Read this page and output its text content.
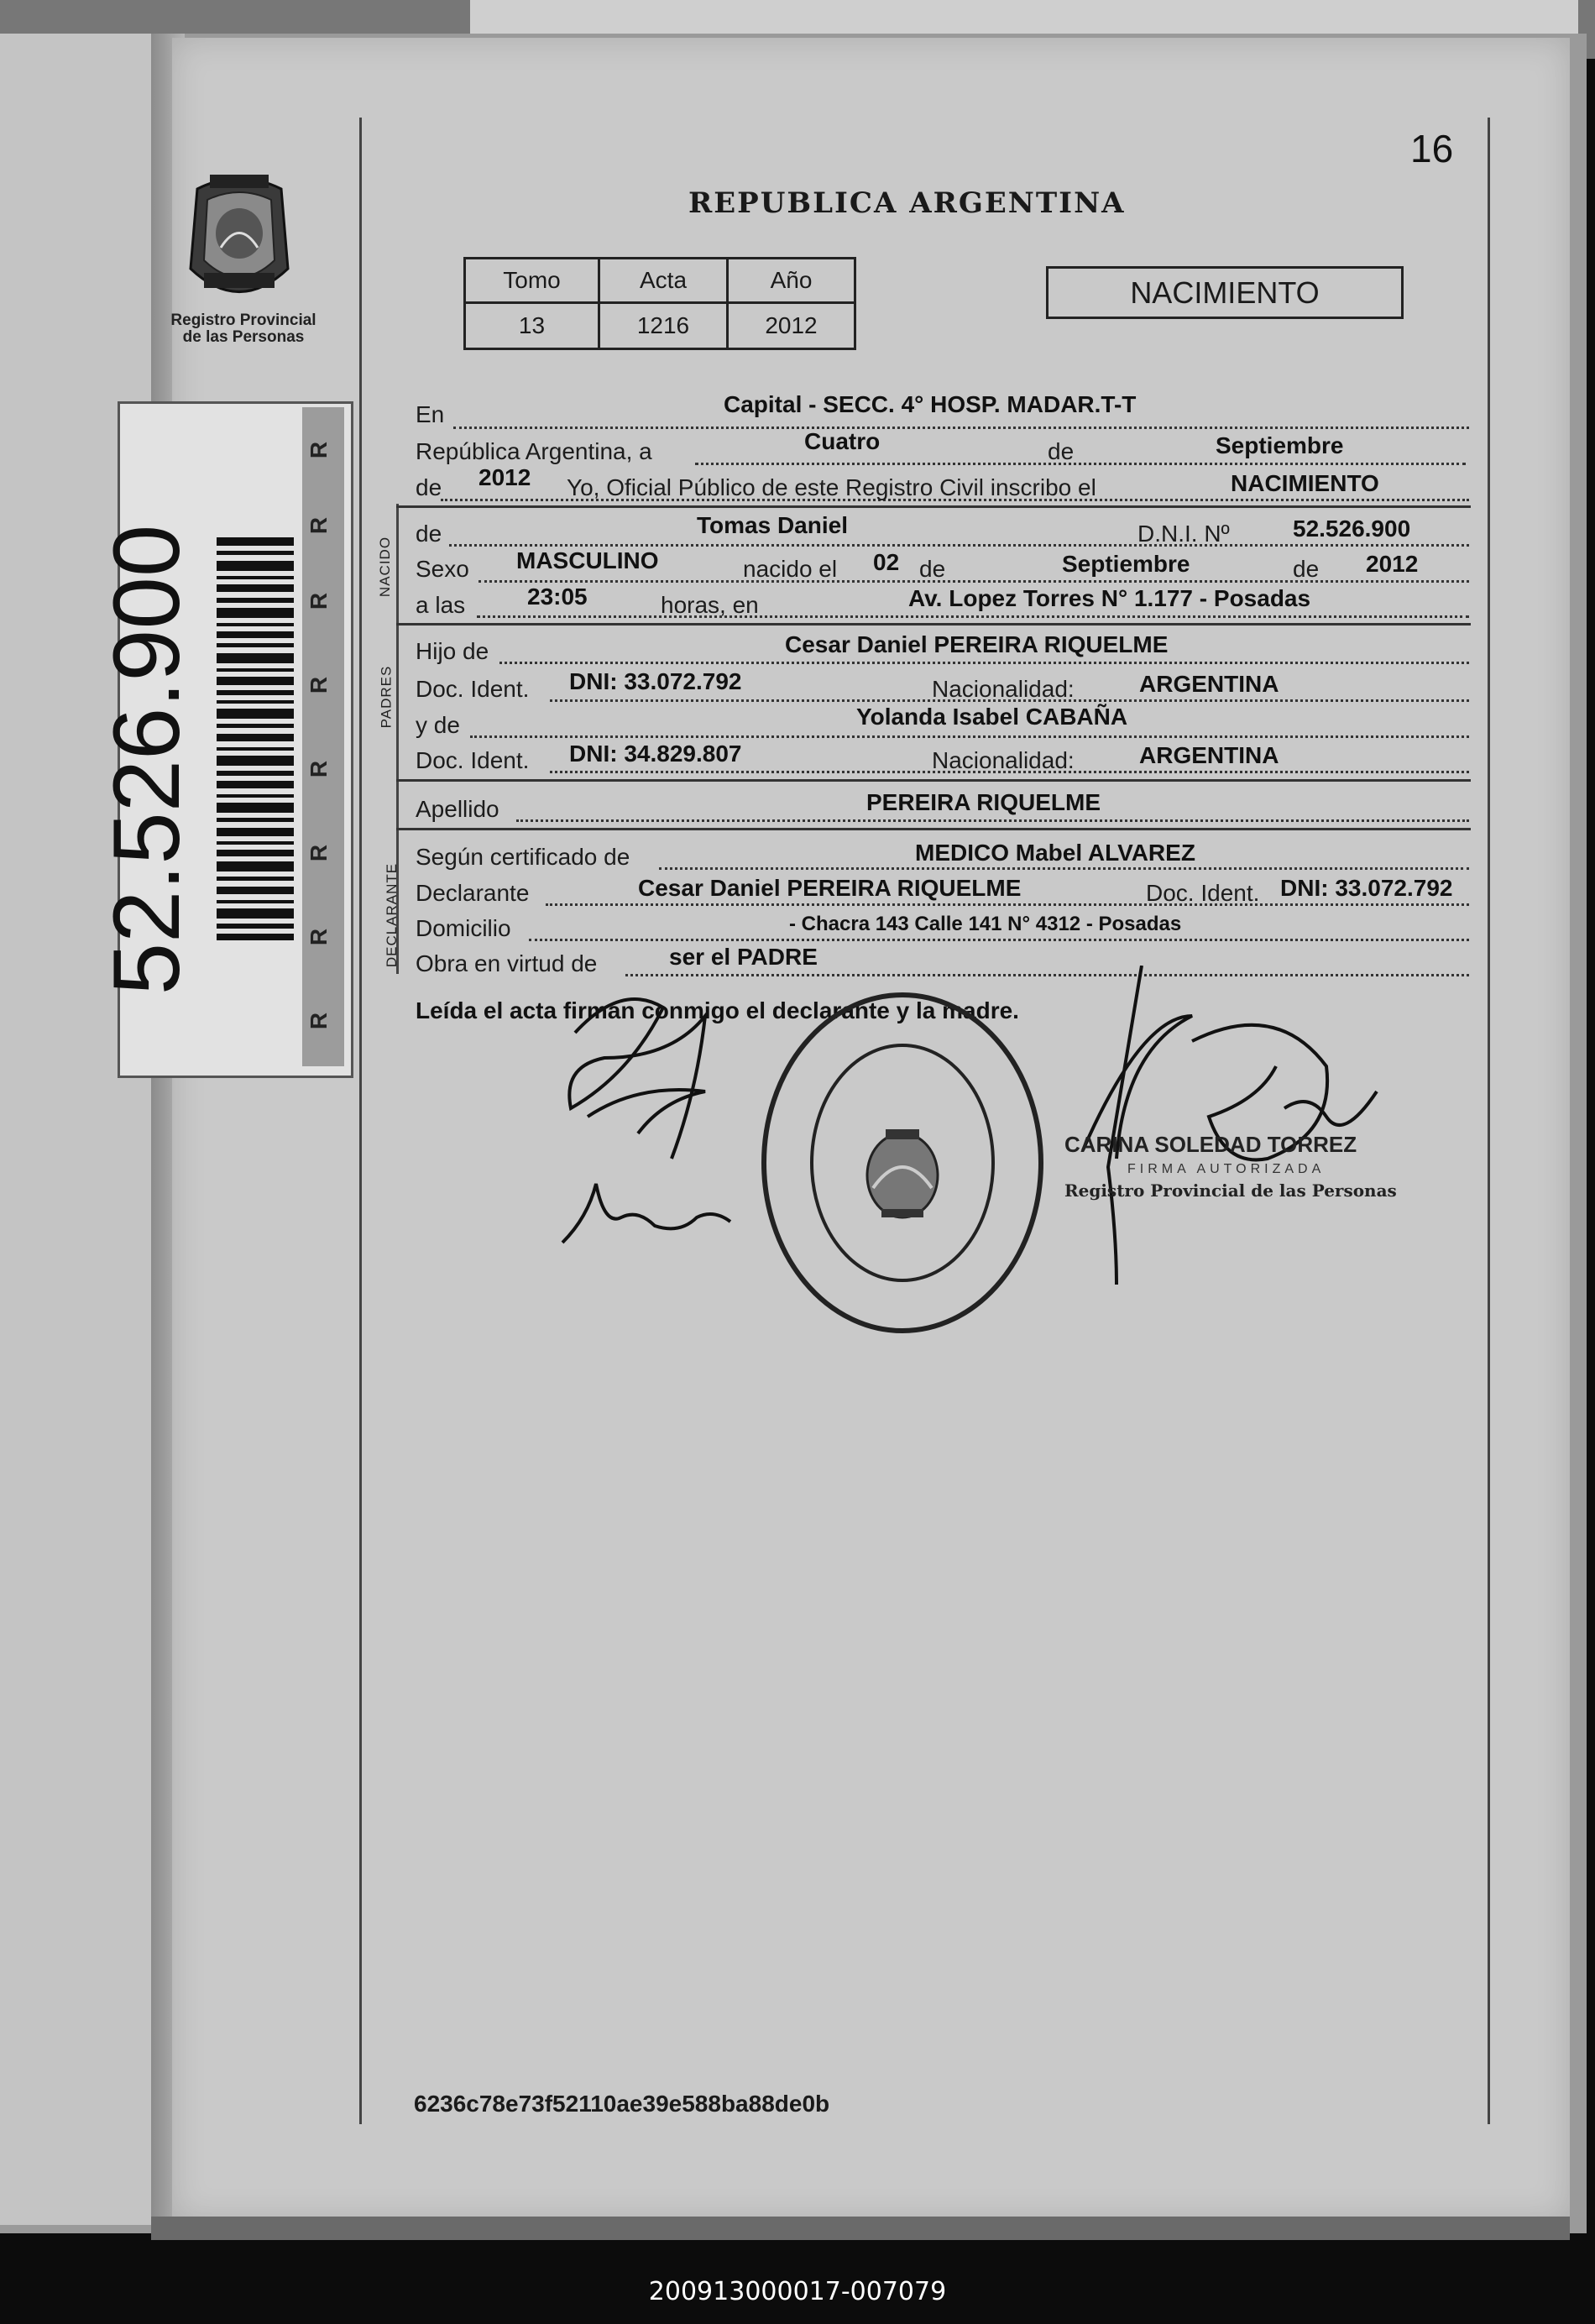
Registro Provincial
de las Personas
R
R
R
R
R
R
R
R
52.526.900
16
REPUBLICA ARGENTINA
Tomo	Acta	Año
13	1216	2012
NACIMIENTO
NACIDO
PADRES
DECLARANTE
En	Capital - SECC. 4° HOSP. MADAR.T-T
República Argentina, a	Cuatro	de	Septiembre
de 2012 Yo, Oficial Público de este Registro Civil inscribo el	NACIMIENTO
de	Tomas Daniel	D.N.I. Nº	52.526.900
Sexo MASCULINO	nacido el 02 de	Septiembre	de 2012
a las	23:05	horas, en	Av. Lopez Torres N° 1.177 - Posadas
Hijo de	Cesar Daniel PEREIRA RIQUELME
Doc. Ident. DNI: 33.072.792	Nacionalidad:	ARGENTINA
y de	Yolanda Isabel CABAÑA
Doc. Ident. DNI: 34.829.807	Nacionalidad:	ARGENTINA
Apellido	PEREIRA RIQUELME
Según certificado de	MEDICO Mabel ALVAREZ
Declarante	Cesar Daniel PEREIRA RIQUELME	Doc. Ident. DNI: 33.072.792
Domicilio	- Chacra 143 Calle 141 N° 4312 - Posadas
Obra en virtud de	ser el PADRE
Leída el acta firman conmigo el declarante y la madre.
CARINA SOLEDAD TORREZ
FIRMA AUTORIZADA
Registro Provincial de las Personas
6236c78e73f52110ae39e588ba88de0b
200913000017-007079
